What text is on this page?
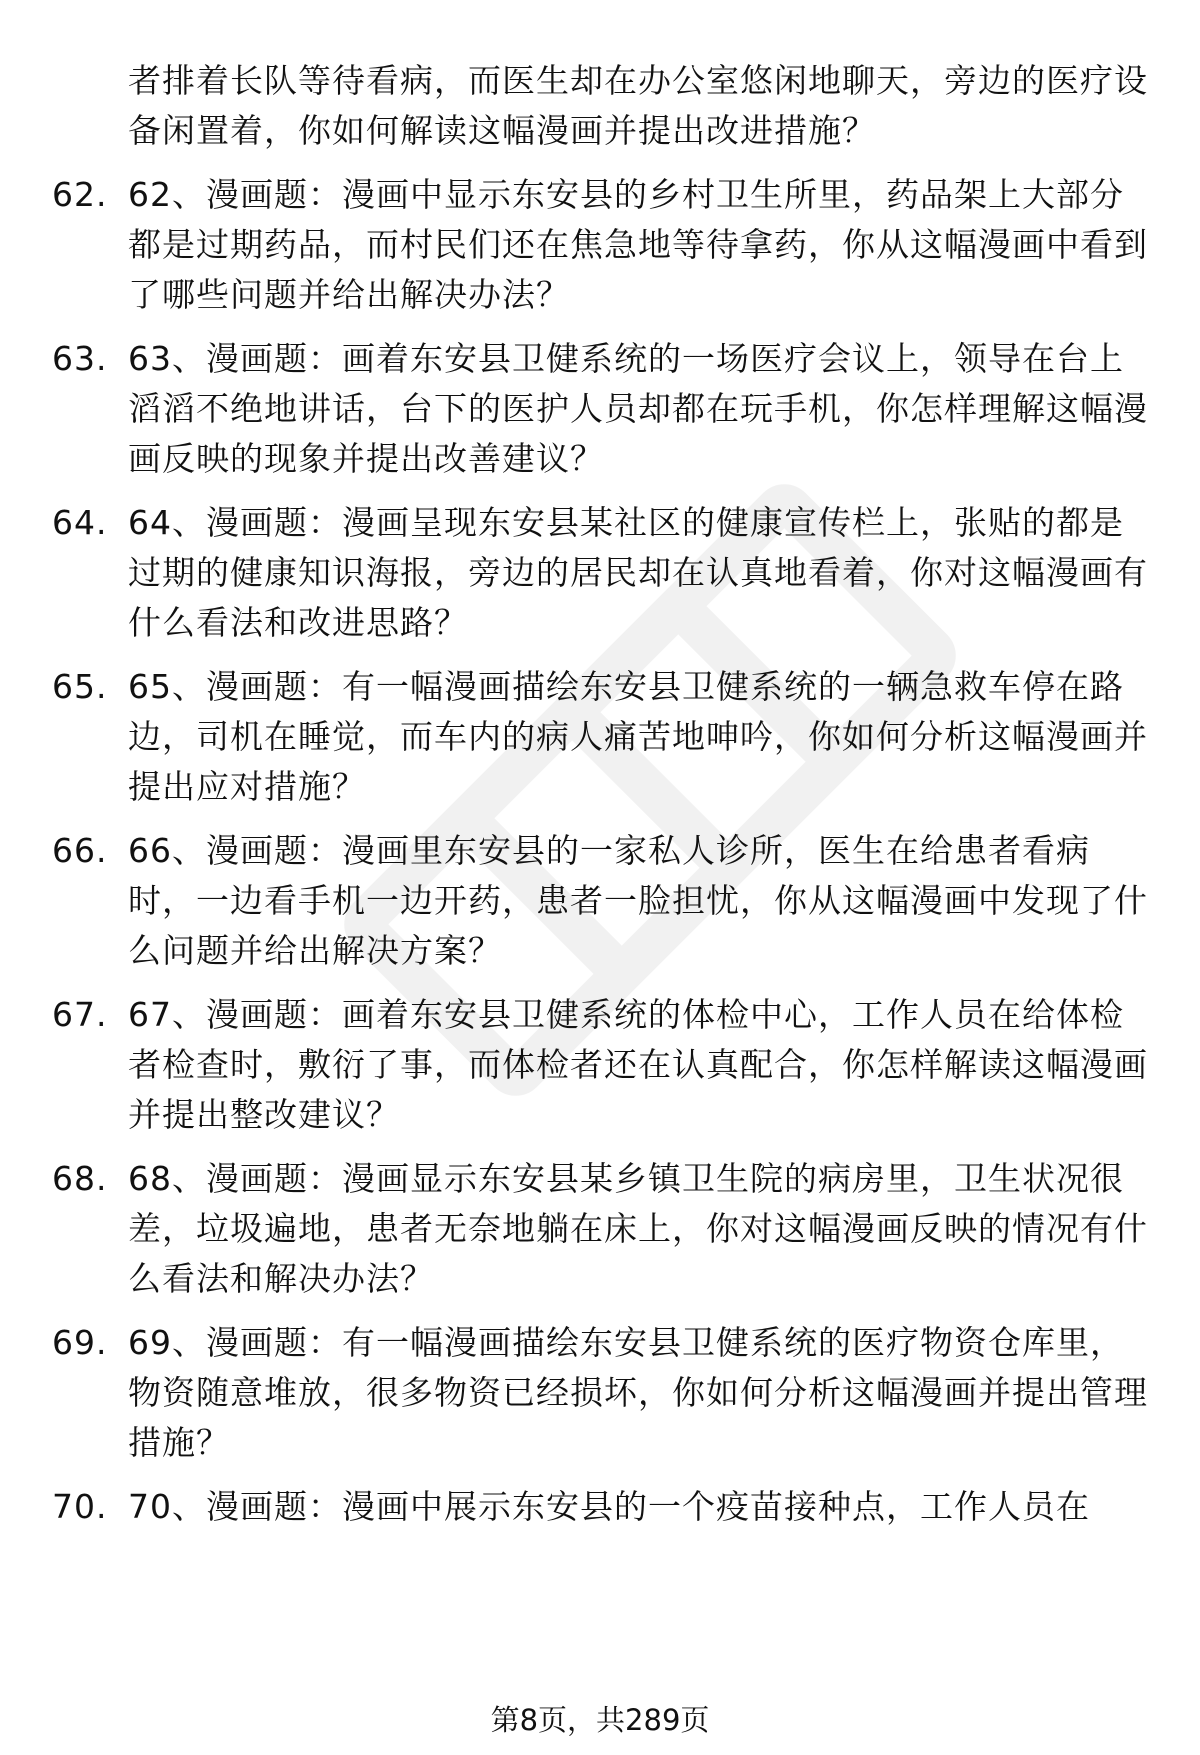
者排着长队等待看病，而医生却在办公室悠闲地聊天，旁边的医疗设备闲置着，你如何解读这幅漫画并提出改进措施？
62. 62、漫画题：漫画中显示东安县的乡村卫生所里，药品架上大部分都是过期药品，而村民们还在焦急地等待拿药，你从这幅漫画中看到了哪些问题并给出解决办法？
63. 63、漫画题：画着东安县卫健系统的一场医疗会议上，领导在台上滔滔不绝地讲话，台下的医护人员却都在玩手机，你怎样理解这幅漫画反映的现象并提出改善建议？
64. 64、漫画题：漫画呈现东安县某社区的健康宣传栏上，张贴的都是过期的健康知识海报，旁边的居民却在认真地看着，你对这幅漫画有什么看法和改进思路？
65. 65、漫画题：有一幅漫画描绘东安县卫健系统的一辆急救车停在路边，司机在睡觉，而车内的病人痛苦地呻吟，你如何分析这幅漫画并提出应对措施？
66. 66、漫画题：漫画里东安县的一家私人诊所，医生在给患者看病时，一边看手机一边开药，患者一脸担忧，你从这幅漫画中发现了什么问题并给出解决方案？
67. 67、漫画题：画着东安县卫健系统的体检中心，工作人员在给体检者检查时，敷衍了事，而体检者还在认真配合，你怎样解读这幅漫画并提出整改建议？
68. 68、漫画题：漫画显示东安县某乡镇卫生院的病房里，卫生状况很差，垃圾遍地，患者无奈地躺在床上，你对这幅漫画反映的情况有什么看法和解决办法？
69. 69、漫画题：有一幅漫画描绘东安县卫健系统的医疗物资仓库里，物资随意堆放，很多物资已经损坏，你如何分析这幅漫画并提出管理措施？
70. 70、漫画题：漫画中展示东安县的一个疫苗接种点，工作人员在
第8页，共289页
